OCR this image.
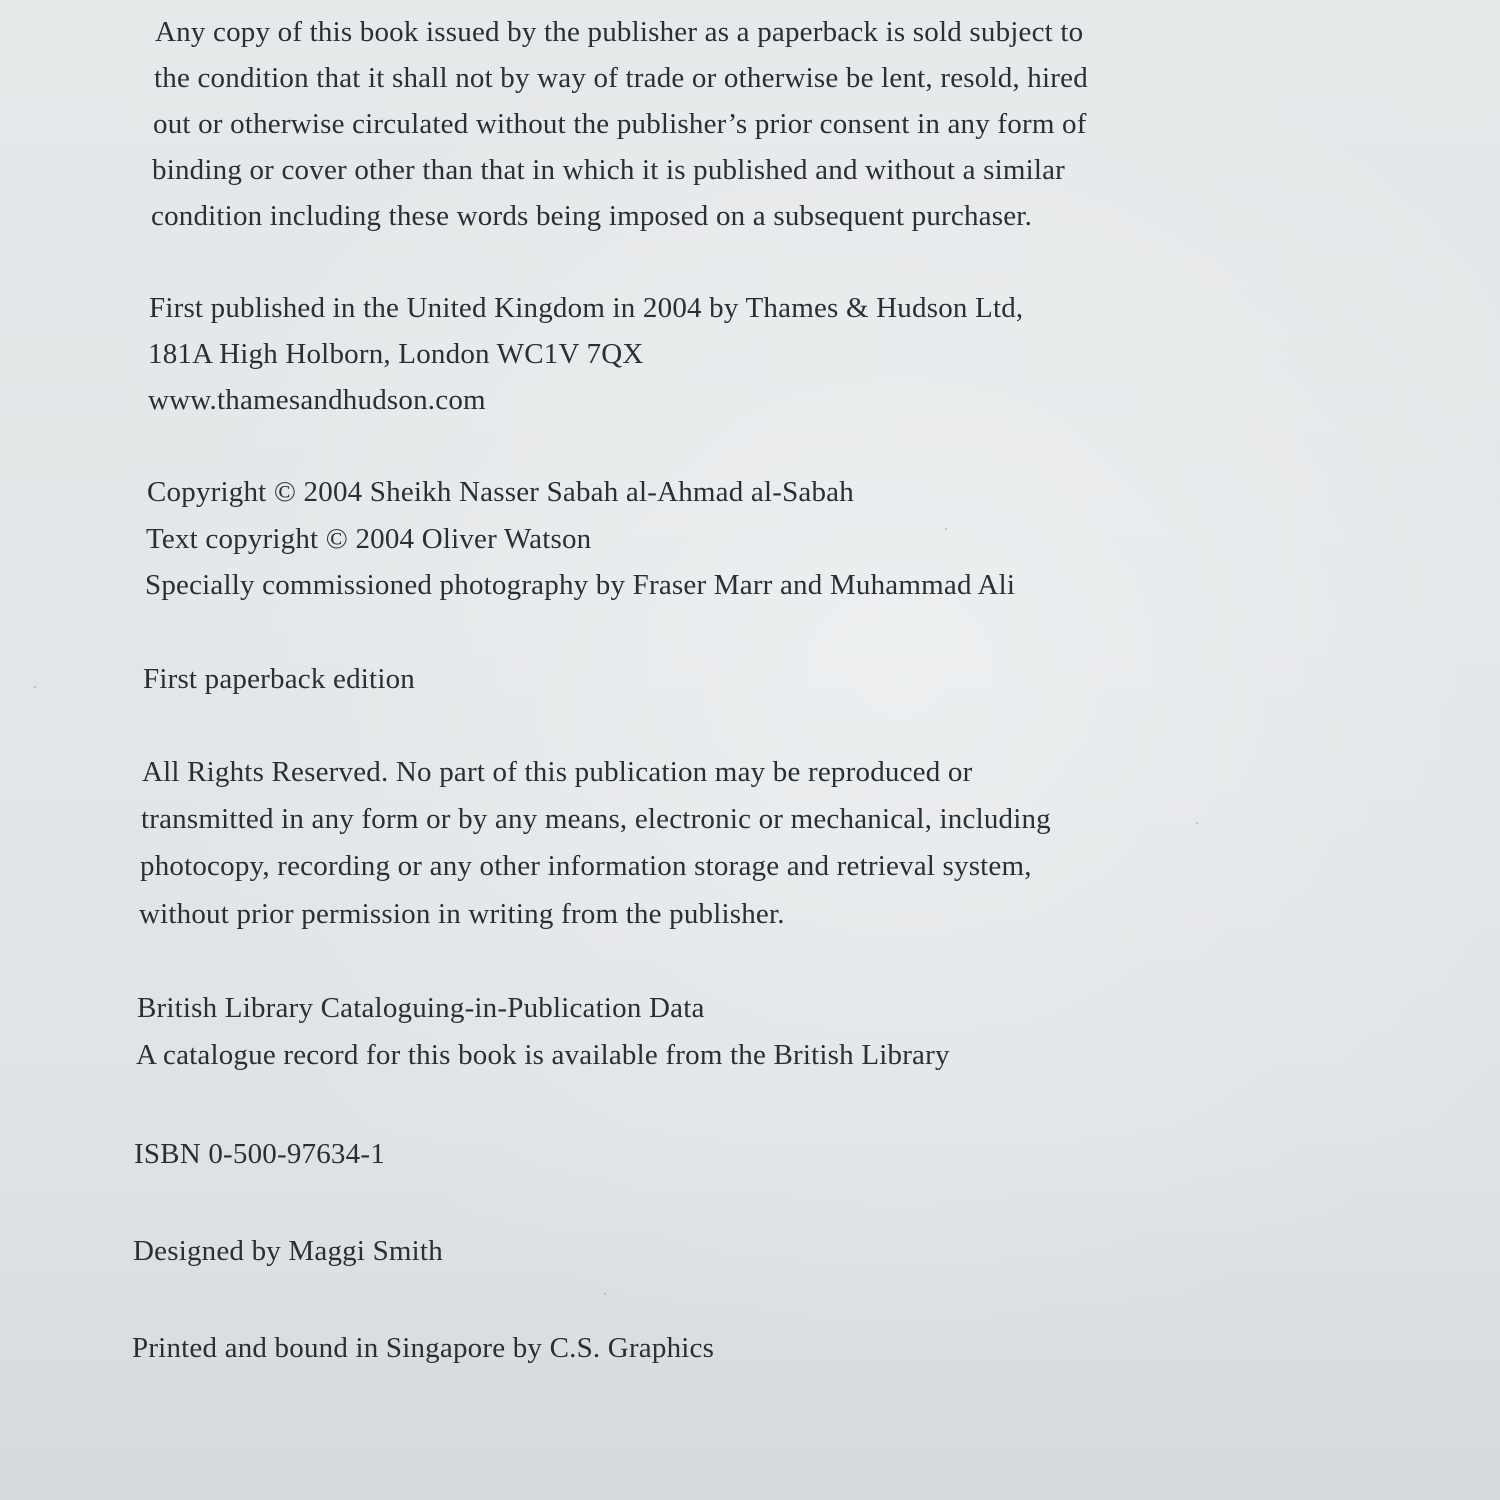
Any copy of this book issued by the publisher as a paperback is sold subject to
the condition that it shall not by way of trade or otherwise be lent, resold, hired
out or otherwise circulated without the publisher’s prior consent in any form of
binding or cover other than that in which it is published and without a similar
condition including these words being imposed on a subsequent purchaser.
First published in the United Kingdom in 2004 by Thames & Hudson Ltd,
181A High Holborn, London WC1V 7QX
www.thamesandhudson.com
Copyright © 2004 Sheikh Nasser Sabah al-Ahmad al-Sabah
Text copyright © 2004 Oliver Watson
Specially commissioned photography by Fraser Marr and Muhammad Ali
First paperback edition
All Rights Reserved. No part of this publication may be reproduced or
transmitted in any form or by any means, electronic or mechanical, including
photocopy, recording or any other information storage and retrieval system,
without prior permission in writing from the publisher.
British Library Cataloguing-in-Publication Data
A catalogue record for this book is available from the British Library
ISBN 0-500-97634-1
Designed by Maggi Smith
Printed and bound in Singapore by C.S. Graphics
